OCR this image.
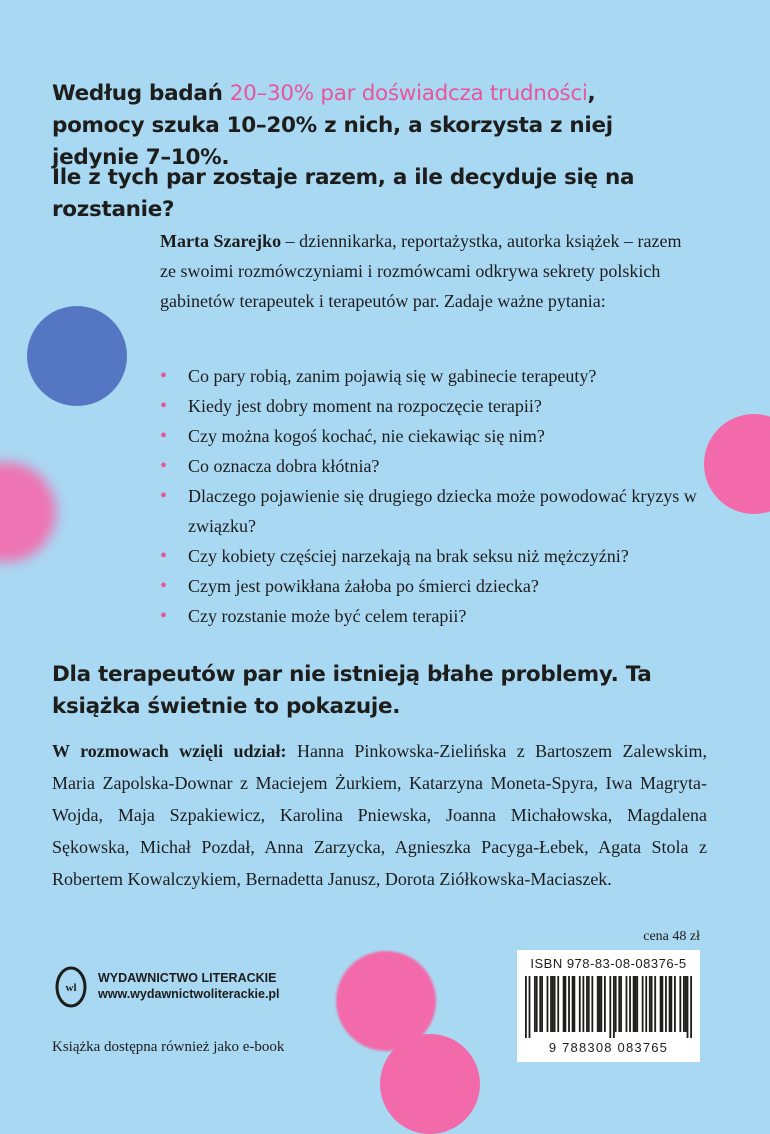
Według badań 20–30% par doświadcza trudności, pomocy szuka 10–20% z nich, a skorzysta z niej jedynie 7–10%.
Ile z tych par zostaje razem, a ile decyduje się na rozstanie?
Marta Szarejko – dziennikarka, reportażystka, autorka książek – razem ze swoimi rozmówczyniami i rozmówcami odkrywa sekrety polskich gabinetów terapeutek i terapeutów par. Zadaje ważne pytania:
• Co pary robią, zanim pojawią się w gabinecie terapeuty?
• Kiedy jest dobry moment na rozpoczęcie terapii?
• Czy można kogoś kochać, nie ciekawiąc się nim?
• Co oznacza dobra kłótnia?
• Dlaczego pojawienie się drugiego dziecka może powodować kryzys w związku?
• Czy kobiety częściej narzekają na brak seksu niż mężczyźni?
• Czym jest powikłana żałoba po śmierci dziecka?
• Czy rozstanie może być celem terapii?
Dla terapeutów par nie istnieją błahe problemy. Ta książka świetnie to pokazuje.
W rozmowach wzięli udział: Hanna Pinkowska-Zielińska z Bartoszem Zalewskim, Maria Zapolska-Downar z Maciejem Żurkiem, Katarzyna Moneta-Spyra, Iwa Magryta-Wojda, Maja Szpakiewicz, Karolina Pniewska, Joanna Michałowska, Magdalena Sękowska, Michał Pozdał, Anna Zarzycka, Agnieszka Pacyga-Łebek, Agata Stola z Robertem Kowalczykiem, Bernadetta Janusz, Dorota Ziółkowska-Maciaszek.
cena 48 zł
ISBN 978-83-08-08376-5
9 788308 083765
wl
WYDAWNICTWO LITERACKIE
www.wydawnictwoliterackie.pl
Książka dostępna również jako e-book
